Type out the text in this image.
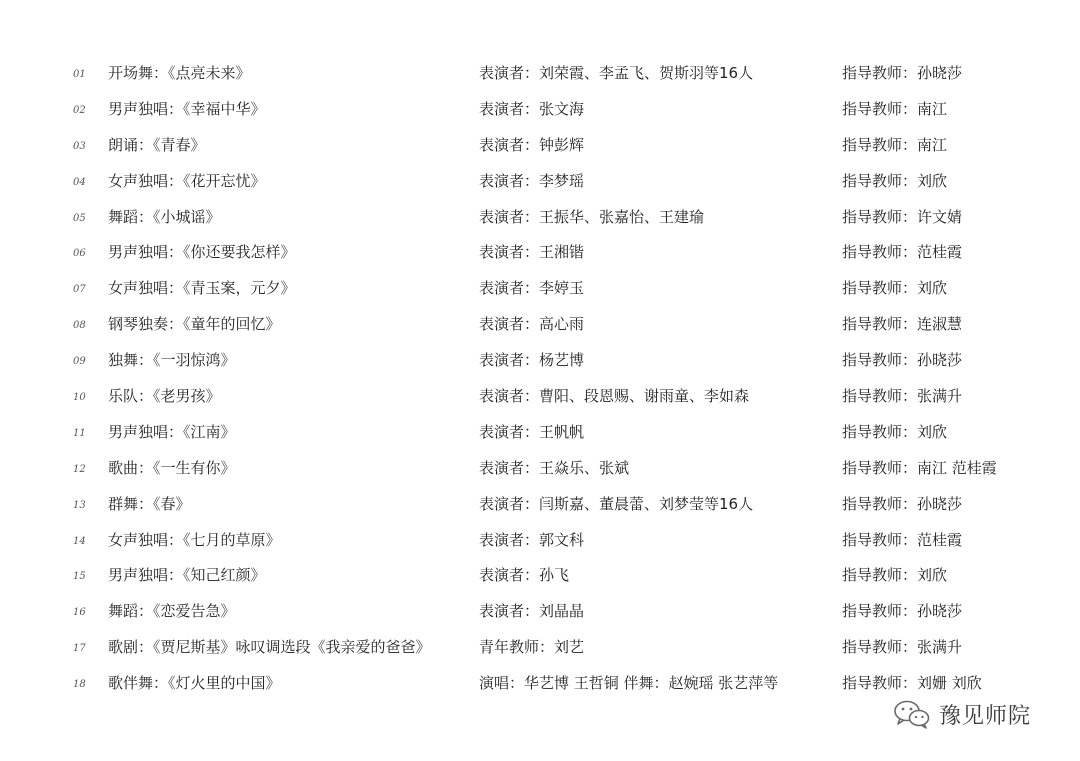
01 开场舞：《点亮未来》	表演者：刘荣霞、李孟飞、贺斯羽等16人	指导教师：孙晓莎
02 男声独唱：《幸福中华》	表演者：张文海	指导教师：南江
03 朗诵：《青春》	表演者：钟彭辉	指导教师：南江
04 女声独唱：《花开忘忧》	表演者：李梦瑶	指导教师：刘欣
05 舞蹈：《小城谣》	表演者：王振华、张嘉怡、王建瑜	指导教师：许文婧
06 男声独唱：《你还要我怎样》	表演者：王湘锴	指导教师：范桂霞
07 女声独唱：《青玉案，元夕》	表演者：李婷玉	指导教师：刘欣
08 钢琴独奏：《童年的回忆》	表演者：高心雨	指导教师：连淑慧
09 独舞：《一羽惊鸿》	表演者：杨艺博	指导教师：孙晓莎
10 乐队：《老男孩》	表演者：曹阳、段恩赐、谢雨童、李如森	指导教师：张满升
11 男声独唱：《江南》	表演者：王帆帆	指导教师：刘欣
12 歌曲：《一生有你》	表演者：王焱乐、张斌	指导教师：南江 范桂霞
13 群舞：《春》	表演者：闫斯嘉、董晨蕾、刘梦莹等16人	指导教师：孙晓莎
14 女声独唱：《七月的草原》	表演者：郭文科	指导教师：范桂霞
15 男声独唱：《知己红颜》	表演者：孙飞	指导教师：刘欣
16 舞蹈：《恋爱告急》	表演者：刘晶晶	指导教师：孙晓莎
17 歌剧：《贾尼斯基》咏叹调选段《我亲爱的爸爸》	青年教师：刘艺	指导教师：张满升
18 歌伴舞：《灯火里的中国》	演唱：华艺博 王哲铜 伴舞：赵婉瑶 张艺萍等	指导教师：刘姗 刘欣
豫见师院
